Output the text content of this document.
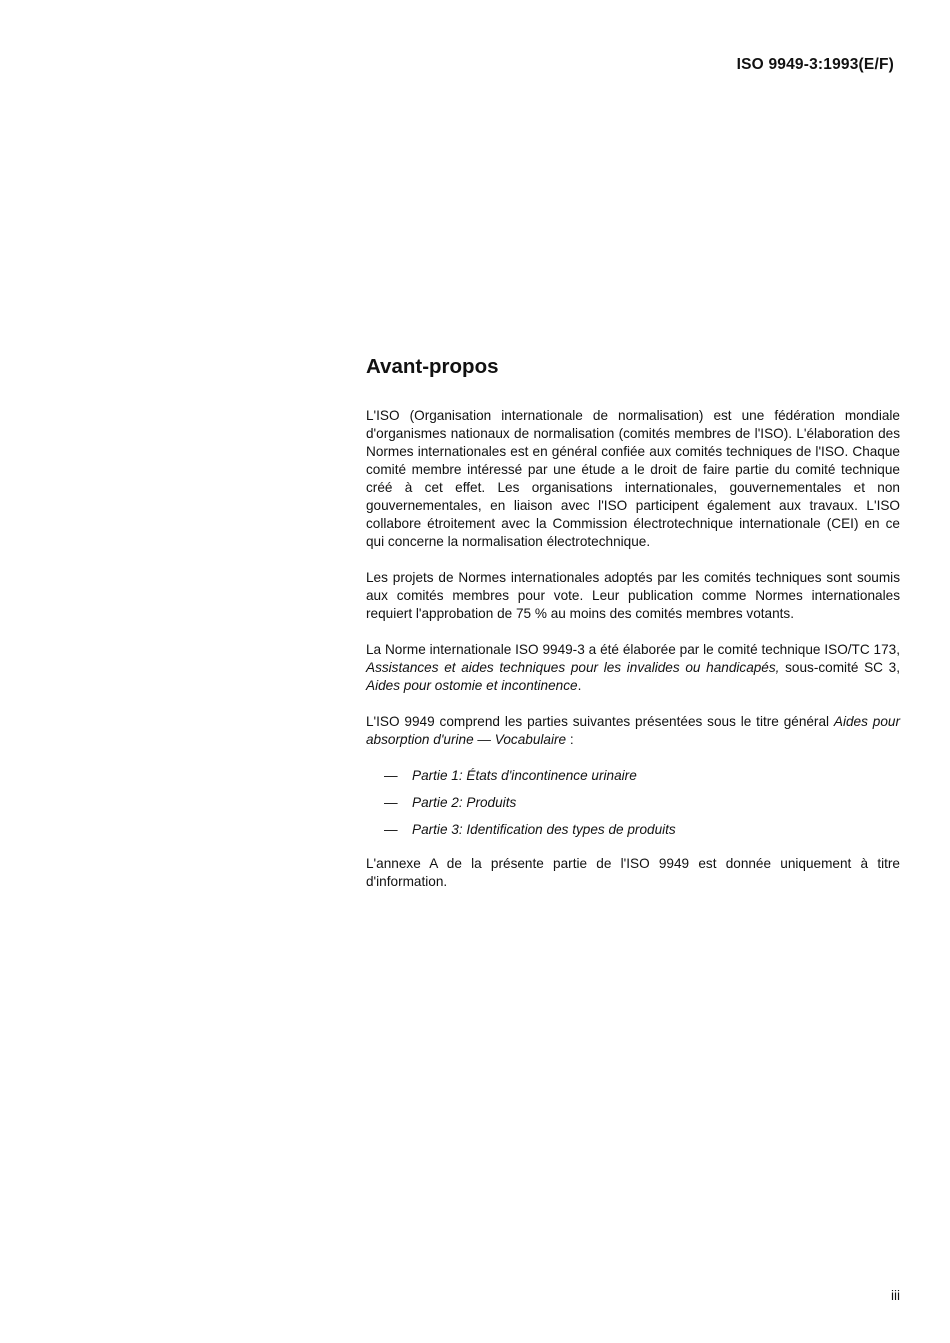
ISO 9949-3:1993(E/F)
Avant-propos

L'ISO (Organisation internationale de normalisation) est une fédération mondiale d'organismes nationaux de normalisation (comités membres de l'ISO). L'élaboration des Normes internationales est en général confiée aux comités techniques de l'ISO. Chaque comité membre intéressé par une étude a le droit de faire partie du comité technique créé à cet effet. Les organisations internationales, gouvernementales et non gouvernementales, en liaison avec l'ISO participent également aux travaux. L'ISO collabore étroitement avec la Commission électrotechnique internationale (CEI) en ce qui concerne la normalisation électrotechnique.

Les projets de Normes internationales adoptés par les comités techniques sont soumis aux comités membres pour vote. Leur publication comme Normes internationales requiert l'approbation de 75 % au moins des comités membres votants.

La Norme internationale ISO 9949-3 a été élaborée par le comité technique ISO/TC 173, Assistances et aides techniques pour les invalides ou handicapés, sous-comité SC 3, Aides pour ostomie et incontinence.

L'ISO 9949 comprend les parties suivantes présentées sous le titre général Aides pour absorption d'urine — Vocabulaire :

—	Partie 1: États d'incontinence urinaire
—	Partie 2: Produits
—	Partie 3: Identification des types de produits

L'annexe A de la présente partie de l'ISO 9949 est donnée uniquement à titre d'information.

iii
